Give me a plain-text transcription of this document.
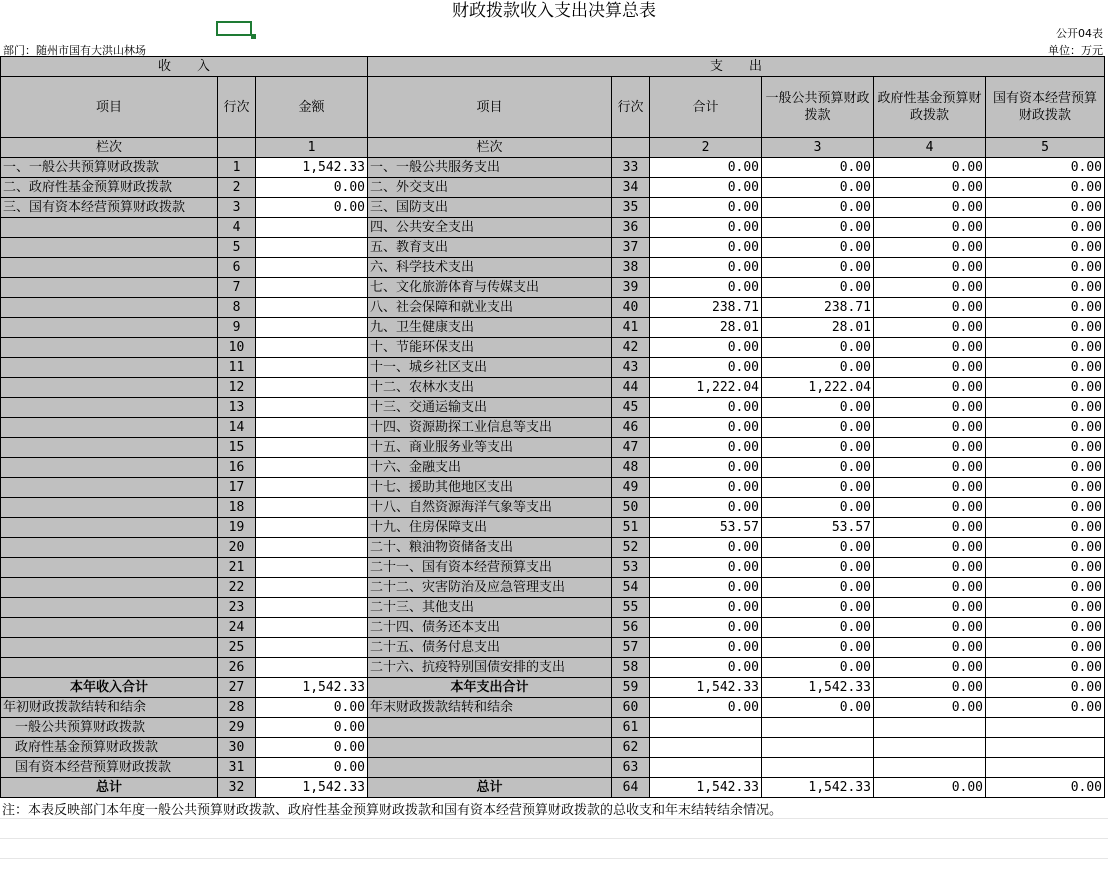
财政拨款收入支出决算总表
部门：随州市国有大洪山林场
公开04表
单位：万元
收　　入			支　　出					
项目	行次	金额	项目	行次	合计	一般公共预算财政拨款	政府性基金预算财政拨款	国有资本经营预算财政拨款
栏次		1	栏次		2	3	4	5
一、一般公共预算财政拨款	1	1,542.33	一、一般公共服务支出	33	0.00	0.00	0.00	0.00
二、政府性基金预算财政拨款	2	0.00	二、外交支出	34	0.00	0.00	0.00	0.00
三、国有资本经营预算财政拨款	3	0.00	三、国防支出	35	0.00	0.00	0.00	0.00
	4		四、公共安全支出	36	0.00	0.00	0.00	0.00
	5		五、教育支出	37	0.00	0.00	0.00	0.00
	6		六、科学技术支出	38	0.00	0.00	0.00	0.00
	7		七、文化旅游体育与传媒支出	39	0.00	0.00	0.00	0.00
	8		八、社会保障和就业支出	40	238.71	238.71	0.00	0.00
	9		九、卫生健康支出	41	28.01	28.01	0.00	0.00
	10		十、节能环保支出	42	0.00	0.00	0.00	0.00
	11		十一、城乡社区支出	43	0.00	0.00	0.00	0.00
	12		十二、农林水支出	44	1,222.04	1,222.04	0.00	0.00
	13		十三、交通运输支出	45	0.00	0.00	0.00	0.00
	14		十四、资源勘探工业信息等支出	46	0.00	0.00	0.00	0.00
	15		十五、商业服务业等支出	47	0.00	0.00	0.00	0.00
	16		十六、金融支出	48	0.00	0.00	0.00	0.00
	17		十七、援助其他地区支出	49	0.00	0.00	0.00	0.00
	18		十八、自然资源海洋气象等支出	50	0.00	0.00	0.00	0.00
	19		十九、住房保障支出	51	53.57	53.57	0.00	0.00
	20		二十、粮油物资储备支出	52	0.00	0.00	0.00	0.00
	21		二十一、国有资本经营预算支出	53	0.00	0.00	0.00	0.00
	22		二十二、灾害防治及应急管理支出	54	0.00	0.00	0.00	0.00
	23		二十三、其他支出	55	0.00	0.00	0.00	0.00
	24		二十四、债务还本支出	56	0.00	0.00	0.00	0.00
	25		二十五、债务付息支出	57	0.00	0.00	0.00	0.00
	26		二十六、抗疫特别国债安排的支出	58	0.00	0.00	0.00	0.00
本年收入合计	27	1,542.33	本年支出合计	59	1,542.33	1,542.33	0.00	0.00
年初财政拨款结转和结余	28	0.00	年末财政拨款结转和结余	60	0.00	0.00	0.00	0.00
一般公共预算财政拨款	29	0.00		61				
政府性基金预算财政拨款	30	0.00		62				
国有资本经营预算财政拨款	31	0.00		63				
总计	32	1,542.33	总计	64	1,542.33	1,542.33	0.00	0.00
注：本表反映部门本年度一般公共预算财政拨款、政府性基金预算财政拨款和国有资本经营预算财政拨款的总收支和年末结转结余情况。
